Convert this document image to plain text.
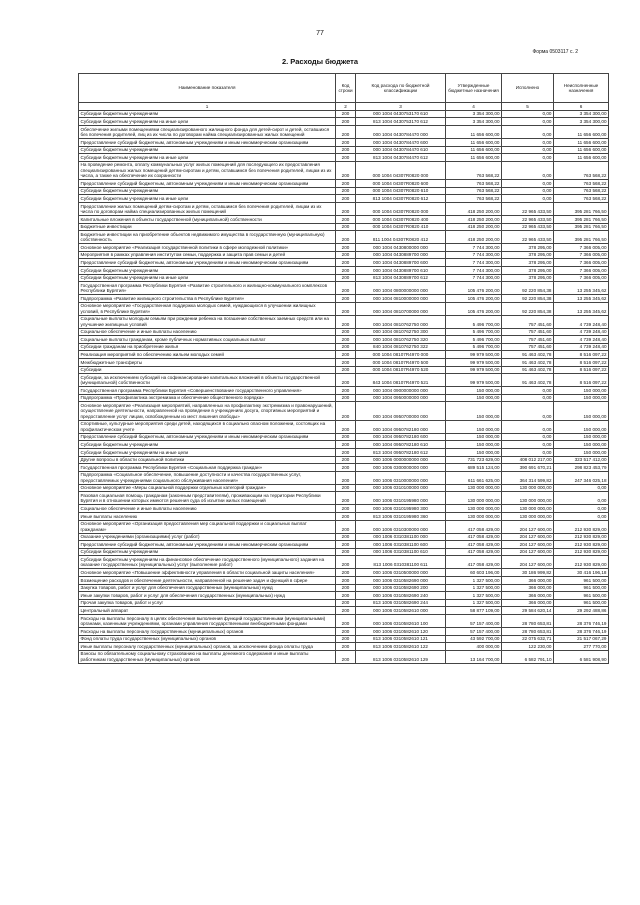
77
Форма 0503117 с. 2
2. Расходы бюджета
Наименование показателя	Код строки	Код расхода по бюджетной классификации	Утвержденные бюджетные назначения	Исполнено	Неисполненные назначения
1	2	3	4	5	6
Субсидии бюджетным учреждениям	200	000 1004 0430753170 610	3 354 300,00	0,00	3 354 300,00
Субсидии бюджетным учреждениям на иные цели	200	813 1004 0430753170 612	3 354 300,00	0,00	3 354 300,00
Обеспечение жилыми помещениями специализированного жилищного фонда для детей-сирот и детей, оставшихся без попечения родителей, лиц из их числа по договорам найма специализированных жилых помещений	200	000 1004 0430784470 000	11 656 600,00	0,00	11 656 600,00
Предоставление субсидий бюджетным, автономным учреждениям и иным некоммерческим организациям	200	000 1004 0430784470 600	11 656 600,00	0,00	11 656 600,00
Субсидии бюджетным учреждениям	200	000 1004 0430784470 610	11 656 600,00	0,00	11 656 600,00
Субсидии бюджетным учреждениям на иные цели	200	813 1004 0430784470 612	11 656 600,00	0,00	11 656 600,00
На проведение ремонта, оплату коммунальных услуг жилых помещений для последующего их предоставления специализированных жилых помещений детям-сиротам и детям, оставшимся без попечения родителей, лицам из их числа, а также на обеспечение их сохранности	200	000 1004 04307R0820 000	763 568,22	0,00	763 568,22
Предоставление субсидий бюджетным, автономным учреждениям и иным некоммерческим организациям	200	000 1004 04307R0820 600	763 568,22	0,00	763 568,22
Субсидии бюджетным учреждениям	200	000 1004 04307R0820 610	763 568,22	0,00	763 568,22
Субсидии бюджетным учреждениям на иные цели	200	813 1004 04307R0820 612	763 568,22	0,00	763 568,22
Предоставление жилых помещений детям-сиротам и детям, оставшимся без попечения родителей, лицам из их числа по договорам найма специализированных жилых помещений	200	000 1004 04307R0820 000	418 250 200,00	22 965 433,50	395 281 766,50
Капитальные вложения в объекты государственной (муниципальной) собственности	200	000 1004 04307R0820 400	418 250 200,00	22 965 433,50	395 281 766,50
Бюджетные инвестиции	200	000 1004 04307R0820 410	418 250 200,00	22 965 433,50	395 281 766,50
Бюджетные инвестиции на приобретение объектов недвижимого имущества в государственную (муниципальную) собственность	200	811 1004 04307R0820 412	418 250 200,00	22 965 433,50	395 281 766,50
Основное мероприятие «Реализация государственной политики в сфере молодежной политики»	200	000 1004 0430800000 000	7 744 300,00	378 295,00	7 366 005,00
Мероприятия в рамках управления институтом семьи, поддержка и защита прав семьи и детей	200	000 1004 0430889700 000	7 744 300,00	378 295,00	7 366 005,00
Предоставление субсидий бюджетным, автономным учреждениям и иным некоммерческим организациям	200	000 1004 0430889700 600	7 744 300,00	378 295,00	7 366 005,00
Субсидии бюджетным учреждениям	200	000 1004 0430889700 610	7 744 300,00	378 295,00	7 366 005,00
Субсидии бюджетным учреждениям на иные цели	200	813 1004 0430889700 612	7 744 300,00	378 295,00	7 366 005,00
Государственная программа Республики Бурятия «Развитие строительного и жилищно-коммунального комплексов Республики Бурятия»	200	000 1004 0800000000 000	105 476 200,00	92 220 854,38	13 255 345,62
Подпрограмма «Развитие жилищного строительства в Республике Бурятия»	200	000 1004 0810000000 000	105 476 200,00	92 220 854,38	13 255 345,62
Основное мероприятие «Государственная поддержка молодых семей, нуждающихся в улучшении жилищных условий, в Республике Бурятия»	200	000 1004 0810700000 000	105 476 200,00	92 220 854,38	13 255 345,62
Социальные выплаты молодым семьям при рождении ребенка на погашение собственных заемных средств или на улучшение жилищных условий	200	000 1004 0810762750 000	5 496 700,00	757 451,60	4 739 248,40
Социальное обеспечение и иные выплаты населению	200	000 1004 0810762750 300	5 496 700,00	757 451,60	4 739 248,40
Социальные выплаты гражданам, кроме публичных нормативных социальных выплат	200	000 1004 0810762750 320	5 496 700,00	757 451,60	4 739 248,40
Субсидии гражданам на приобретение жилья	200	840 1004 0810762750 322	5 496 700,00	757 451,60	4 739 248,40
Реализация мероприятий по обеспечению жильем молодых семей	200	000 1004 08107R4970 000	99 979 500,00	91 463 402,78	8 516 097,22
Межбюджетные трансферты	200	000 1004 08107R4970 500	99 979 500,00	91 463 402,78	8 516 097,22
Субсидии	200	000 1004 08107R4970 520	99 979 500,00	91 463 402,78	8 516 097,22
Субсидии, за исключением субсидий на софинансирование капитальных вложений в объекты государственной (муниципальной) собственности	200	843 1004 08107R4970 521	99 979 500,00	91 463 402,78	8 516 097,22
Государственная программа Республики Бурятия «Совершенствование государственного управления»	200	000 1004 0900000000 000	150 000,00	0,00	150 000,00
Подпрограмма «Профилактика экстремизма и обеспечение общественного порядка»	200	000 1004 0950000000 000	150 000,00	0,00	150 000,00
Основное мероприятие «Реализация мероприятий, направленных на профилактику экстремизма и правонарушений, осуществление деятельности, направленной на проведение в учреждениях досуга, спортивных мероприятий и предоставление услуг лицам, освобожденным из мест лишения свободы»	200	000 1004 0950700000 000	150 000,00	0,00	150 000,00
Спортивные, культурные мероприятия среди детей, находящихся в социально опасном положении, состоящих на профилактическом учете	200	000 1004 0950782180 000	150 000,00	0,00	150 000,00
Предоставление субсидий бюджетным, автономным учреждениям и иным некоммерческим организациям	200	000 1004 0950782180 600	150 000,00	0,00	150 000,00
Субсидии бюджетным учреждениям	200	000 1004 0950782180 610	150 000,00	0,00	150 000,00
Субсидии бюджетным учреждениям на иные цели	200	813 1004 0950782180 612	150 000,00	0,00	150 000,00
Другие вопросы в области социальной политики	200	000 1006 0000000000 000	731 723 629,00	408 012 217,00	323 517 412,00
Государственная программа Республики Бурятия «Социальная поддержка граждан»	200	000 1006 0300000000 000	689 515 124,00	390 691 670,21	298 823 453,79
Подпрограмма «Социальное обеспечение, повышение доступности и качества государственных услуг, предоставляемых учреждениями социального обслуживания населения»	200	000 1006 0310000000 000	611 661 625,00	364 314 599,82	247 346 025,18
Основное мероприятие «Меры социальной поддержки отдельных категорий граждан»	200	000 1006 0310100000 000	130 000 000,00	130 000 000,00	0,00
Разовая социальная помощь гражданам (законным представителям), проживающим на территории Республики Бурятия и в отношении которых имеются решения суда об изъятии жилых помещений	200	000 1006 0310195980 000	130 000 000,00	130 000 000,00	0,00
Социальное обеспечение и иные выплаты населению	200	000 1006 0310195980 300	130 000 000,00	130 000 000,00	0,00
Иные выплаты населению	200	813 1006 0310195980 360	130 000 000,00	130 000 000,00	0,00
Основное мероприятие «Организация предоставления мер социальной поддержки и социальных выплат гражданам»	200	000 1006 0310300000 000	417 058 429,00	204 127 600,00	212 930 829,00
Оказание учреждениями (организациями) услуг (работ)	200	000 1006 0310381100 000	417 058 429,00	204 127 600,00	212 930 829,00
Предоставление субсидий бюджетным, автономным учреждениям и иным некоммерческим организациям	200	000 1006 0310381100 600	417 058 429,00	204 127 600,00	212 930 829,00
Субсидии бюджетным учреждениям	200	000 1006 0310381100 610	417 058 429,00	204 127 600,00	212 930 829,00
Субсидии бюджетным учреждениям на финансовое обеспечение государственного (муниципального) задания на оказание государственных (муниципальных) услуг (выполнение работ)	200	813 1006 0310381100 611	417 058 429,00	204 127 600,00	212 930 829,00
Основное мероприятие «Повышение эффективности управления в области социальной защиты населения»	200	000 1006 0310500000 000	60 603 196,00	30 186 999,82	30 416 196,18
Возмещение расходов и обеспечение деятельности, направленной на решение задач и функций в сфере	200	000 1006 0310582690 000	1 327 500,00	366 000,00	961 500,00
Закупка товаров, работ и услуг для обеспечения государственных (муниципальных) нужд	200	000 1006 0310582690 200	1 327 500,00	366 000,00	961 500,00
Иные закупки товаров, работ и услуг для обеспечения государственных (муниципальных) нужд	200	000 1006 0310582690 240	1 327 500,00	366 000,00	961 500,00
Прочая закупка товаров, работ и услуг	200	813 1006 0310582690 244	1 327 500,00	366 000,00	961 500,00
Центральный аппарат	200	000 1006 0310582610 000	58 877 109,00	29 584 620,14	29 292 488,86
Расходы на выплаты персоналу в целях обеспечения выполнения функций государственными (муниципальными) органами, казенными учреждениями, органами управления государственными внебюджетными фондами	200	000 1006 0310582610 100	57 157 400,00	28 780 653,81	28 376 746,19
Расходы на выплаты персоналу государственных (муниципальных) органов	200	000 1006 0310582610 120	57 157 400,00	28 780 653,81	28 376 746,19
Фонд оплаты труда государственных (муниципальных) органов	200	813 1006 0310582610 121	43 592 700,00	22 075 632,71	21 517 067,29
Иные выплаты персоналу государственных (муниципальных) органов, за исключением фонда оплаты труда	200	813 1006 0310582610 122	400 000,00	122 230,00	277 770,00
Взносы по обязательному социальному страхованию на выплаты денежного содержания и иные выплаты работникам государственных (муниципальных) органов	200	813 1006 0310582610 129	13 164 700,00	6 582 791,10	6 581 908,90
